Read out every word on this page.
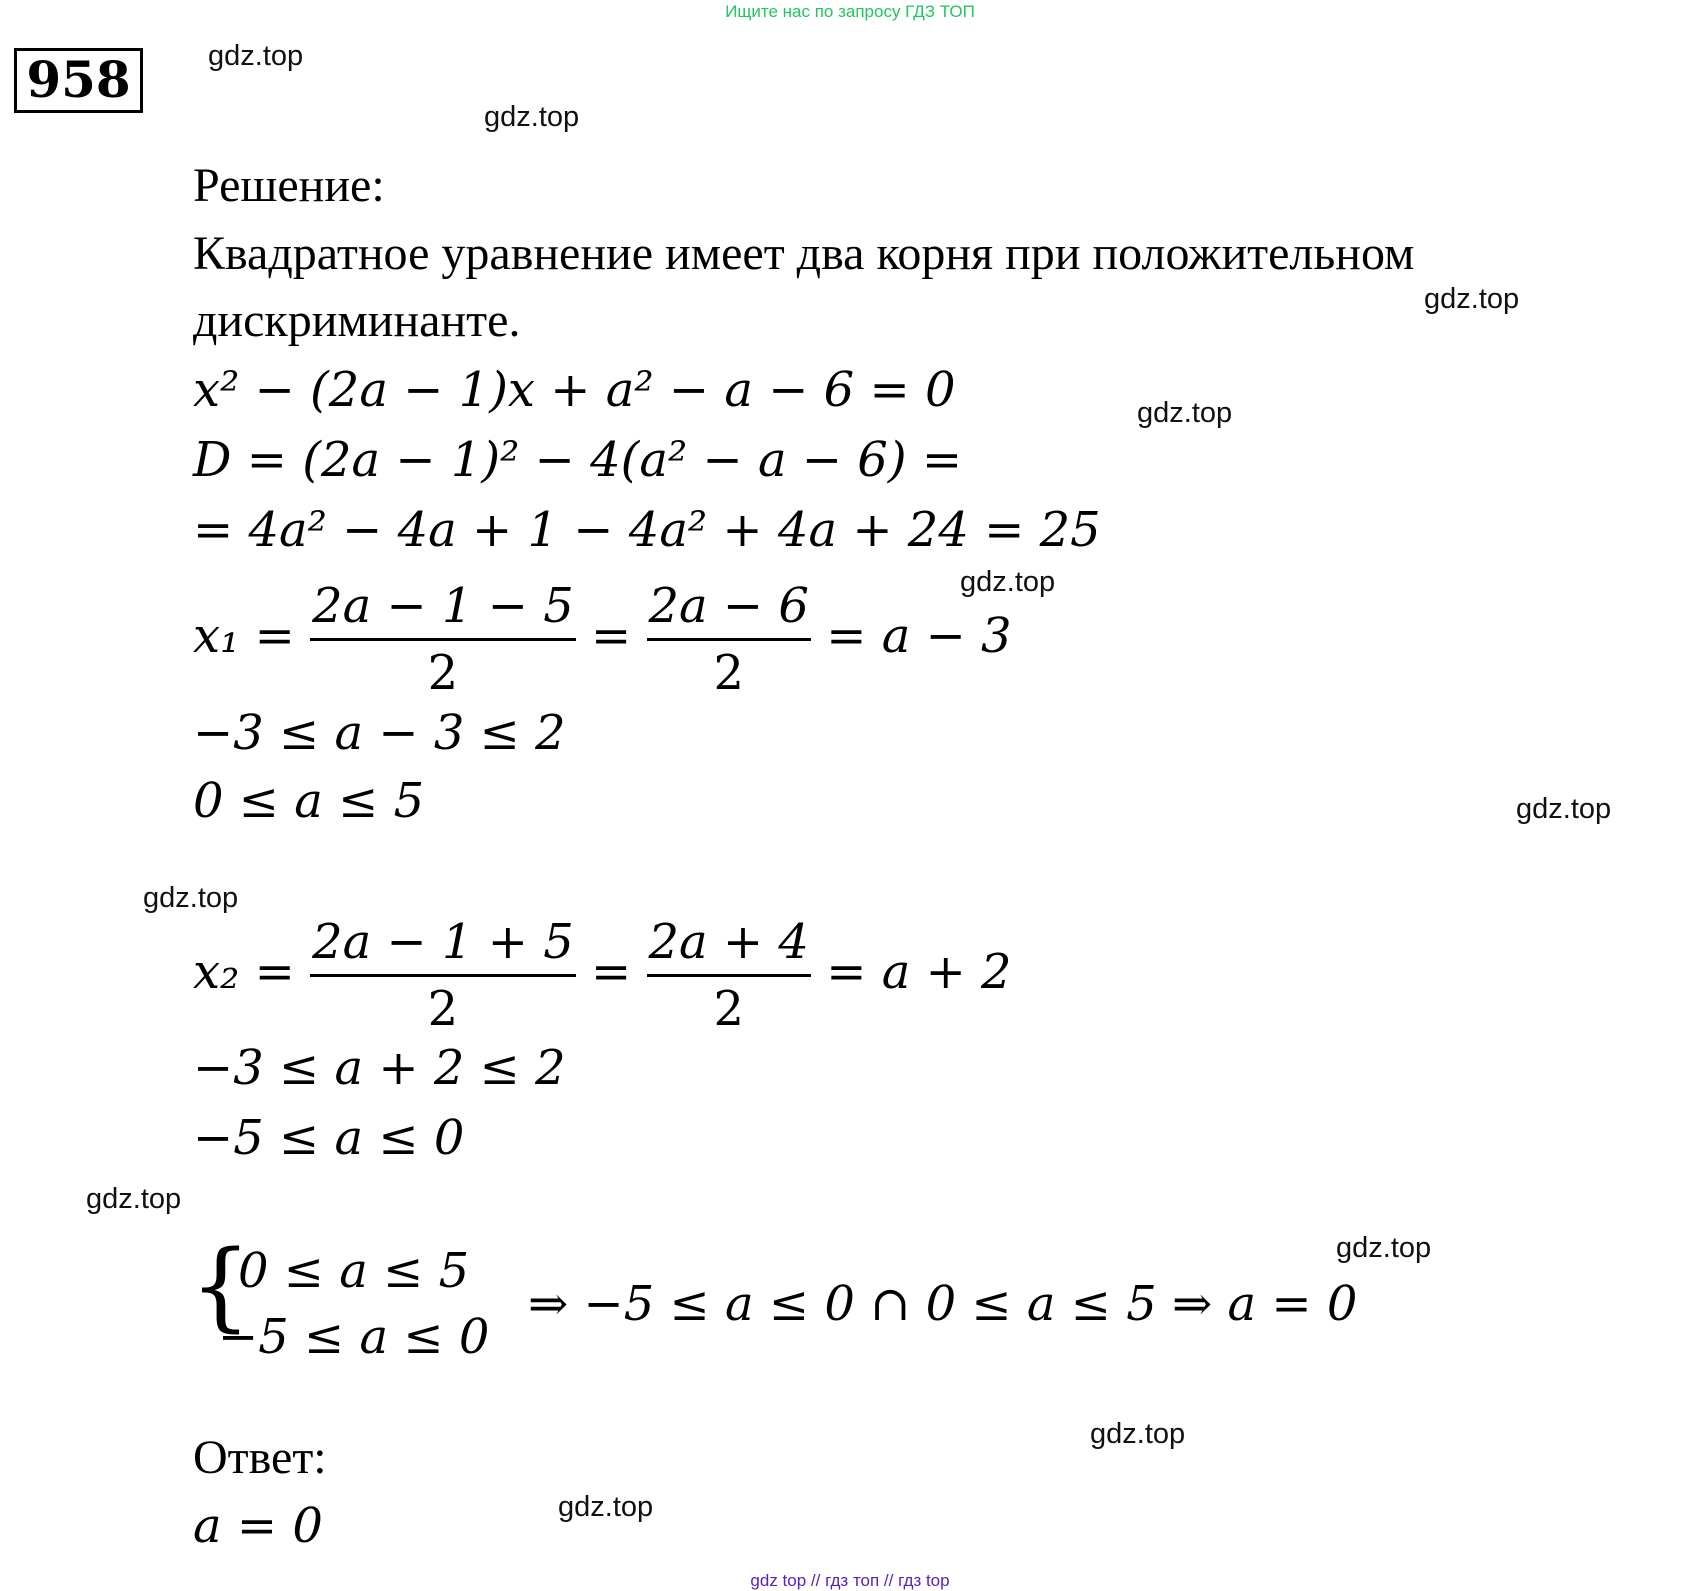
Ищите нас по запросу ГДЗ ТОП
958	gdz.top
gdz.top
gdz.top
gdz.top
gdz.top
gdz.top
gdz.top
gdz.top
gdz.top
gdz.top
gdz.top
Решение:
Квадратное уравнение имеет два корня при положительном
дискриминанте.
x² − (2a − 1)x + a² − a − 6 = 0
D = (2a − 1)² − 4(a² − a − 6) =
= 4a² − 4a + 1 − 4a² + 4a + 24 = 25
$x_1 = \frac{2a - 1 - 5}{2} = \frac{2a - 6}{2} = a - 3$
−3 ≤ a − 3 ≤ 2
0 ≤ a ≤ 5
$x_2 = \frac{2a - 1 + 5}{2} = \frac{2a + 4}{2} = a + 2$
−3 ≤ a + 2 ≤ 2
−5 ≤ a ≤ 0
{
0 ≤ a ≤ 5
−5 ≤ a ≤ 0
⇒ −5 ≤ a ≤ 0 ∩ 0 ≤ a ≤ 5 ⇒ a = 0
Ответ:
a = 0
gdz top // гдз топ // гдз top
